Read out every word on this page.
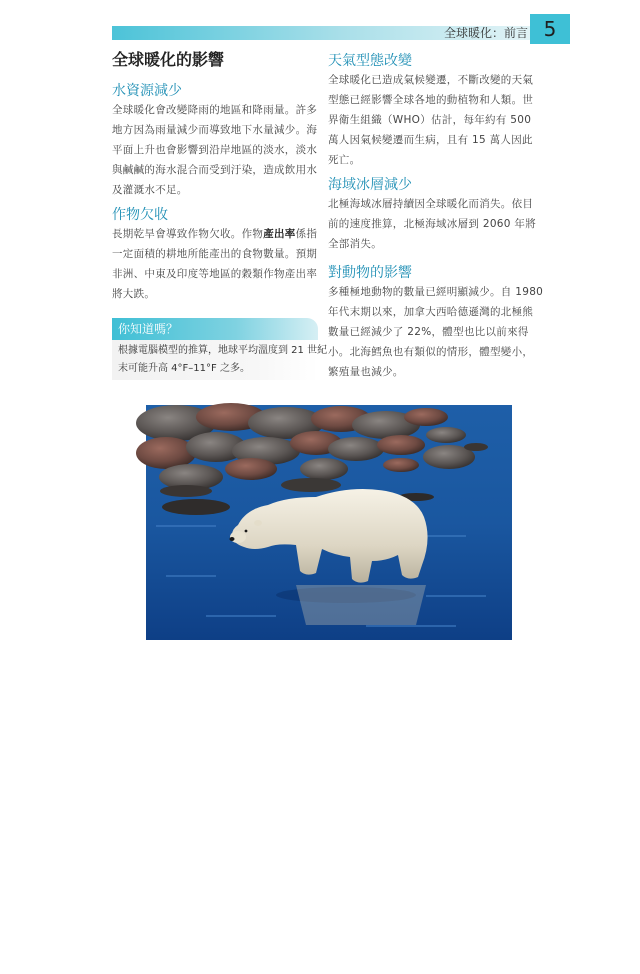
全球暖化：前言 5
全球暖化的影響
水資源減少
全球暖化會改變降雨的地區和降雨量。許多
地方因為雨量減少而導致地下水量減少。海
平面上升也會影響到沿岸地區的淡水，淡水
與鹹鹹的海水混合而受到汙染，造成飲用水
及灌溉水不足。
作物欠收
長期乾旱會導致作物欠收。作物產出率係指
一定面積的耕地所能產出的食物數量。預期
非洲、中東及印度等地區的穀類作物產出率
將大跌。
你知道嗎？
根據電腦模型的推算，地球平均溫度到 21 世紀
末可能升高 4°F–11°F 之多。
天氣型態改變
全球暖化已造成氣候變遷，不斷改變的天氣
型態已經影響全球各地的動植物和人類。世
界衛生組織（WHO）估計，每年約有 500
萬人因氣候變遷而生病，且有 15 萬人因此
死亡。
海域冰層減少
北極海域冰層持續因全球暖化而消失。依目
前的速度推算，北極海域冰層到 2060 年將
全部消失。
對動物的影響
多種極地動物的數量已經明顯減少。自 1980
年代末期以來，加拿大西哈德遜灣的北極熊
數量已經減少了 22%，體型也比以前來得
小。北海鱈魚也有類似的情形，體型變小，
繁殖量也減少。
Milkstore
